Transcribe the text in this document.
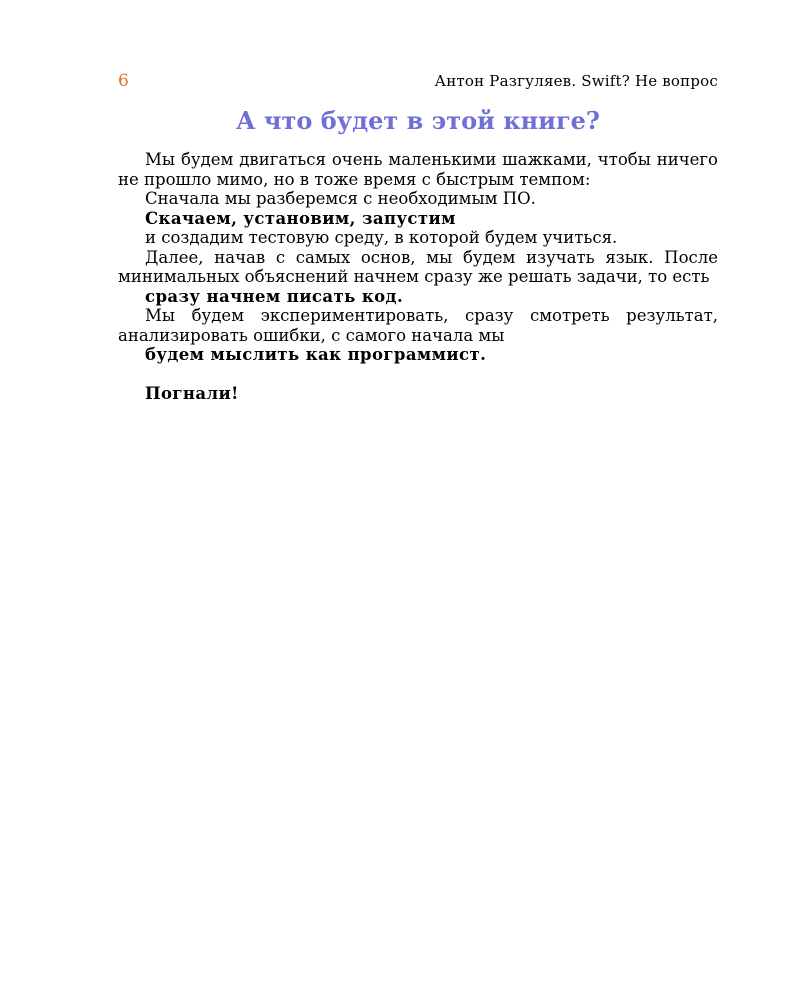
6	Антон Разгуляев. Swift? Не вопрос
А что будет в этой книге?

Мы будем двигаться очень маленькими шажками, чтобы ничего не прошло мимо, но в тоже время с быстрым темпом:

Сначала мы разберемся с необходимым ПО.

Скачаем, установим, запустим

и создадим тестовую среду, в которой будем учиться.

Далее, начав с самых основ, мы будем изучать язык. После минимальных объяснений начнем сразу же решать задачи, то есть

сразу начнем писать код.

Мы будем экспериментировать, сразу смотреть результат, анализировать ошибки, с самого начала мы

будем мыслить как программист.

Погнали!
